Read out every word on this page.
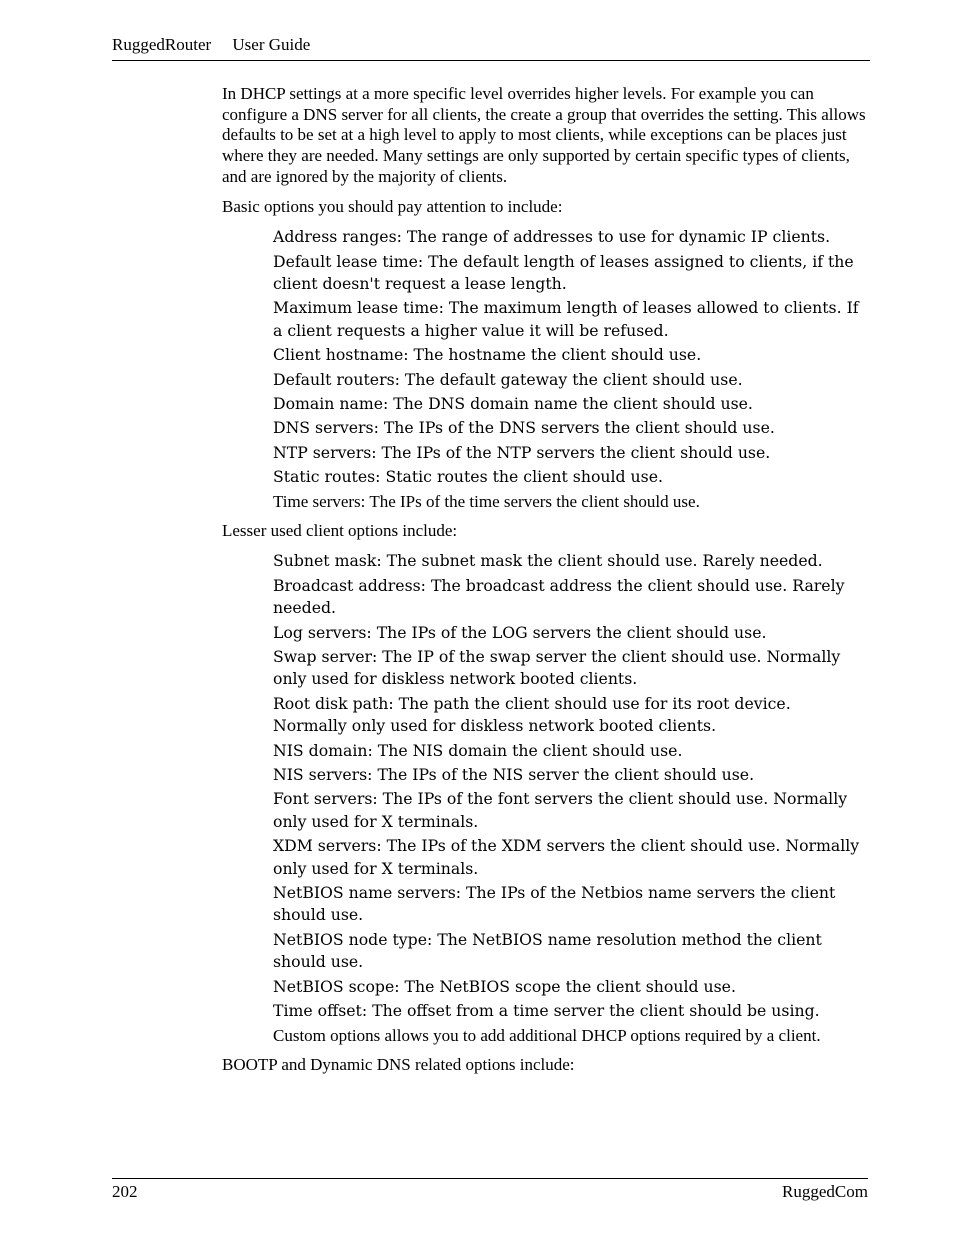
RuggedRouter User Guide

In DHCP settings at a more specific level overrides higher levels. For example you can configure a DNS server for all clients, the create a group that overrides the setting. This allows defaults to be set at a high level to apply to most clients, while exceptions can be places just where they are needed. Many settings are only supported by certain specific types of clients, and are ignored by the majority of clients.

Basic options you should pay attention to include:

Address ranges: The range of addresses to use for dynamic IP clients.
Default lease time: The default length of leases assigned to clients, if the client doesn't request a lease length.
Maximum lease time: The maximum length of leases allowed to clients. If a client requests a higher value it will be refused.
Client hostname: The hostname the client should use.
Default routers: The default gateway the client should use.
Domain name: The DNS domain name the client should use.
DNS servers: The IPs of the DNS servers the client should use.
NTP servers: The IPs of the NTP servers the client should use.
Static routes: Static routes the client should use.
Time servers: The IPs of the time servers the client should use.

Lesser used client options include:

Subnet mask: The subnet mask the client should use. Rarely needed.
Broadcast address: The broadcast address the client should use. Rarely needed.
Log servers: The IPs of the LOG servers the client should use.
Swap server: The IP of the swap server the client should use. Normally only used for diskless network booted clients.
Root disk path: The path the client should use for its root device. Normally only used for diskless network booted clients.
NIS domain: The NIS domain the client should use.
NIS servers: The IPs of the NIS server the client should use.
Font servers: The IPs of the font servers the client should use. Normally only used for X terminals.
XDM servers: The IPs of the XDM servers the client should use. Normally only used for X terminals.
NetBIOS name servers: The IPs of the Netbios name servers the client should use.
NetBIOS node type: The NetBIOS name resolution method the client should use.
NetBIOS scope: The NetBIOS scope the client should use.
Time offset: The offset from a time server the client should be using.
Custom options allows you to add additional DHCP options required by a client.

BOOTP and Dynamic DNS related options include:

202	RuggedCom
